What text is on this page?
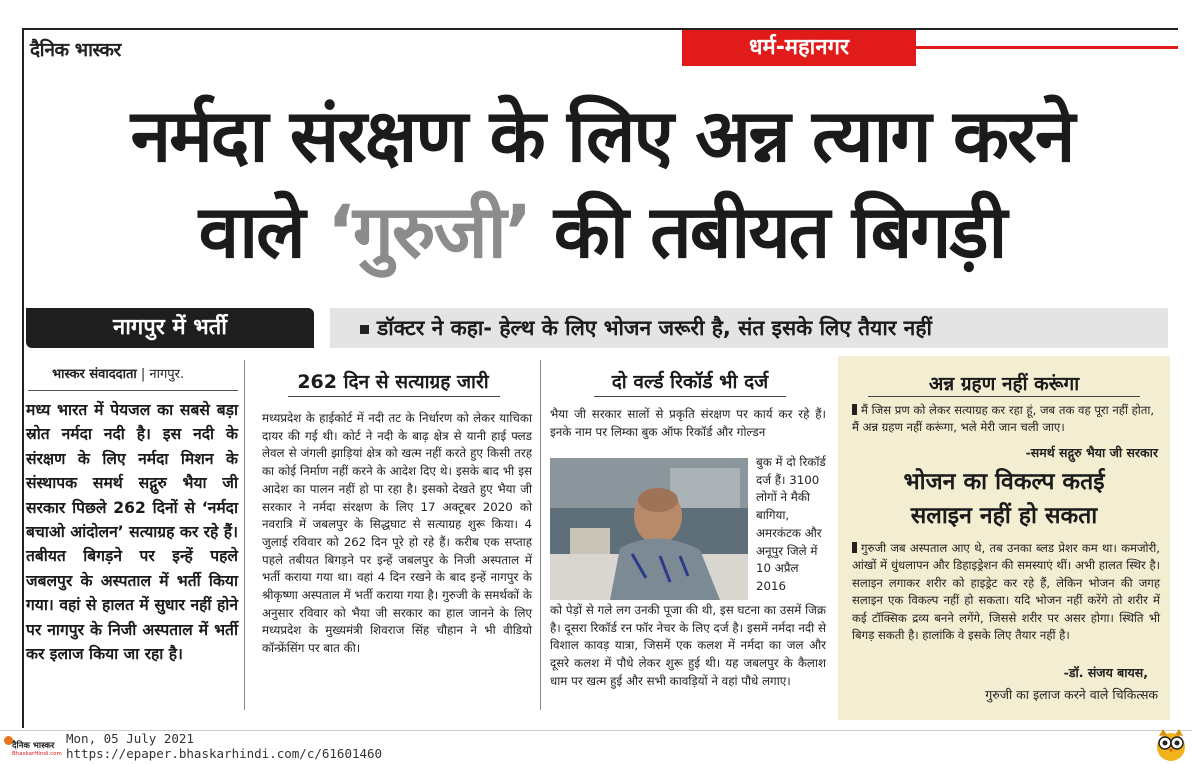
दैनिक भास्कर	धर्म-महानगर
नर्मदा संरक्षण के लिए अन्न त्याग करने
वाले ‘गुरुजी’ की तबीयत बिगड़ी
नागपुर में भर्ती	डॉक्टर ने कहा- हेल्थ के लिए भोजन जरूरी है, संत इसके लिए तैयार नहीं
भास्कर संवाददाता | नागपुर.
मध्य भारत में पेयजल का सबसे बड़ा स्रोत नर्मदा नदी है। इस नदी के संरक्षण के लिए नर्मदा मिशन के संस्थापक समर्थ सद्गुरु भैया जी सरकार पिछले 262 दिनों से ‘नर्मदा बचाओ आंदोलन’ सत्याग्रह कर रहे हैं। तबीयत बिगड़ने पर इन्हें पहले जबलपुर के अस्पताल में भर्ती किया गया। वहां से हालत में सुधार नहीं होने पर नागपुर के निजी अस्पताल में भर्ती कर इलाज किया जा रहा है।
262 दिन से सत्याग्रह जारी
मध्यप्रदेश के हाईकोर्ट में नदी तट के निर्धारण को लेकर याचिका दायर की गई थी। कोर्ट ने नदी के बाढ़ क्षेत्र से यानी हाई फ्लड लेवल से जंगली झाड़ियां क्षेत्र को खत्म नहीं करते हुए किसी तरह का कोई निर्माण नहीं करने के आदेश दिए थे। इसके बाद भी इस आदेश का पालन नहीं हो पा रहा है। इसको देखते हुए भैया जी सरकार ने नर्मदा संरक्षण के लिए 17 अक्टूबर 2020 को नवरात्रि में जबलपुर के सिद्धघाट से सत्याग्रह शुरू किया। 4 जुलाई रविवार को 262 दिन पूरे हो रहे हैं। करीब एक सप्ताह पहले तबीयत बिगड़ने पर इन्हें जबलपुर के निजी अस्पताल में भर्ती कराया गया था। वहां 4 दिन रखने के बाद इन्हें नागपुर के श्रीकृष्णा अस्पताल में भर्ती कराया गया है। गुरुजी के समर्थकों के अनुसार रविवार को भैया जी सरकार का हाल जानने के लिए मध्यप्रदेश के मुख्यमंत्री शिवराज सिंह चौहान ने भी वीडियो कॉन्फ्रेंसिंग पर बात की।
दो वर्ल्ड रिकॉर्ड भी दर्ज
भैया जी सरकार सालों से प्रकृति संरक्षण पर कार्य कर रहे हैं। इनके नाम पर लिम्का बुक ऑफ रिकॉर्ड और गोल्डन
बुक में दो रिकॉर्ड दर्ज हैं। 3100 लोगों ने मैकी बागिया, अमरकंटक और अनूपुर जिले में 10 अप्रैल 2016
को पेड़ों से गले लग उनकी पूजा की थी, इस घटना का उसमें जिक्र है। दूसरा रिकॉर्ड रन फॉर नेचर के लिए दर्ज है। इसमें नर्मदा नदी से विशाल कावड़ यात्रा, जिसमें एक कलश में नर्मदा का जल और दूसरे कलश में पौधे लेकर शुरू हुई थी। यह जबलपुर के कैलाश धाम पर खत्म हुई और सभी कावड़ियों ने वहां पौधे लगाए।
अन्न ग्रहण नहीं करूंगा
मैं जिस प्रण को लेकर सत्याग्रह कर रहा हूं, जब तक वह पूरा नहीं होता, मैं अन्न ग्रहण नहीं करूंगा, भले मेरी जान चली जाए।
-समर्थ सद्गुरु भैया जी सरकार
भोजन का विकल्प कतई
सलाइन नहीं हो सकता
गुरुजी जब अस्पताल आए थे, तब उनका ब्लड प्रेशर कम था। कमजोरी, आंखों में धुंधलापन और डिहाइड्रेशन की समस्याएं थीं। अभी हालत स्थिर है। सलाइन लगाकर शरीर को हाइड्रेट कर रहे हैं, लेकिन भोजन की जगह सलाइन एक विकल्प नहीं हो सकता। यदि भोजन नहीं करेंगे तो शरीर में कई टॉक्सिक द्रव्य बनने लगेंगे, जिससे शरीर पर असर होगा। स्थिति भी बिगड़ सकती है। हालांकि वे इसके लिए तैयार नहीं है।
-डॉ. संजय बायस,
गुरुजी का इलाज करने वाले चिकित्सक
दैनिक भास्कर
BhaskarHindi.com
Mon, 05 July 2021
https://epaper.bhaskarhindi.com/c/61601460
